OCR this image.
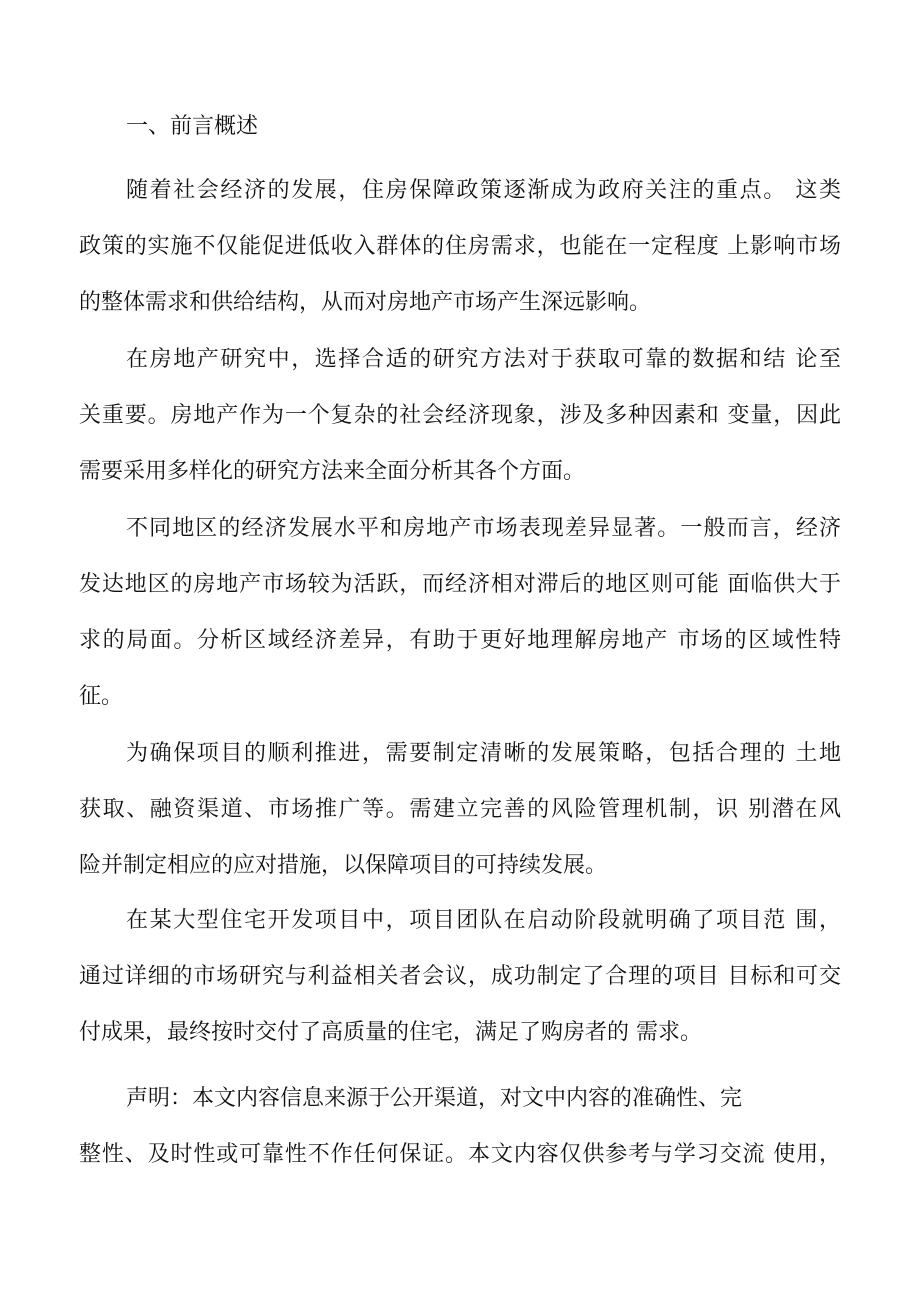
一、前言概述
随着社会经济的发展，住房保障政策逐渐成为政府关注的重点。 这类
政策的实施不仅能促进低收入群体的住房需求，也能在一定程度 上影响市场
的整体需求和供给结构，从而对房地产市场产生深远影响。
在房地产研究中，选择合适的研究方法对于获取可靠的数据和结 论至
关重要。房地产作为一个复杂的社会经济现象，涉及多种因素和 变量，因此
需要采用多样化的研究方法来全面分析其各个方面。
不同地区的经济发展水平和房地产市场表现差异显著。一般而言，经济
发达地区的房地产市场较为活跃，而经济相对滞后的地区则可能 面临供大于
求的局面。分析区域经济差异，有助于更好地理解房地产 市场的区域性特
征。
为确保项目的顺利推进，需要制定清晰的发展策略，包括合理的 土地
获取、融资渠道、市场推广等。需建立完善的风险管理机制，识 别潜在风
险并制定相应的应对措施，以保障项目的可持续发展。
在某大型住宅开发项目中，项目团队在启动阶段就明确了项目范 围，
通过详细的市场研究与利益相关者会议，成功制定了合理的项目 目标和可交
付成果，最终按时交付了高质量的住宅，满足了购房者的 需求。
声明：本文内容信息来源于公开渠道，对文中内容的准确性、完
整性、及时性或可靠性不作任何保证。本文内容仅供参考与学习交流 使用，
